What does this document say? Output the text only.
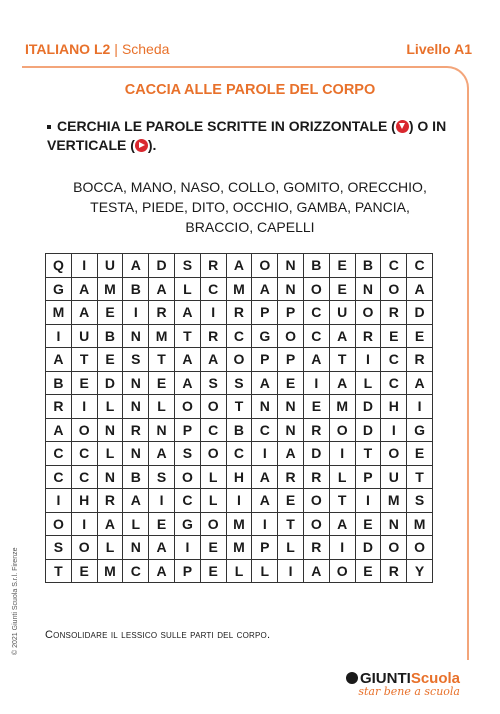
ITALIANO L2 | Scheda	Livello A1
CACCIA ALLE PAROLE DEL CORPO
CERCHIA LE PAROLE SCRITTE IN ORIZZONTALE ( ) O IN VERTICALE ( ).
BOCCA, MANO, NASO, COLLO, GOMITO, ORECCHIO,
TESTA, PIEDE, DITO, OCCHIO, GAMBA, PANCIA,
BRACCIO, CAPELLI
Q	I	U	A	D	S	R	A	O	N	B	E	B	C	C
G	A	M	B	A	L	C	M	A	N	O	E	N	O	A
M	A	E	I	R	A	I	R	P	P	C	U	O	R	D
I	U	B	N	M	T	R	C	G	O	C	A	R	E	E
A	T	E	S	T	A	A	O	P	P	A	T	I	C	R
B	E	D	N	E	A	S	S	A	E	I	A	L	C	A
R	I	L	N	L	O	O	T	N	N	E	M	D	H	I
A	O	N	R	N	P	C	B	C	N	R	O	D	I	G
C	C	L	N	A	S	O	C	I	A	D	I	T	O	E
C	C	N	B	S	O	L	H	A	R	R	L	P	U	T
I	H	R	A	I	C	L	I	A	E	O	T	I	M	S
O	I	A	L	E	G	O	M	I	T	O	A	E	N	M
S	O	L	N	A	I	E	M	P	L	R	I	D	O	O
T	E	M	C	A	P	E	L	L	I	A	O	E	R	Y
Consolidare il lessico sulle parti del corpo.
© 2021 Giunti Scuola S.r.l. Firenze
GIUNTIScuola
star bene a scuola
